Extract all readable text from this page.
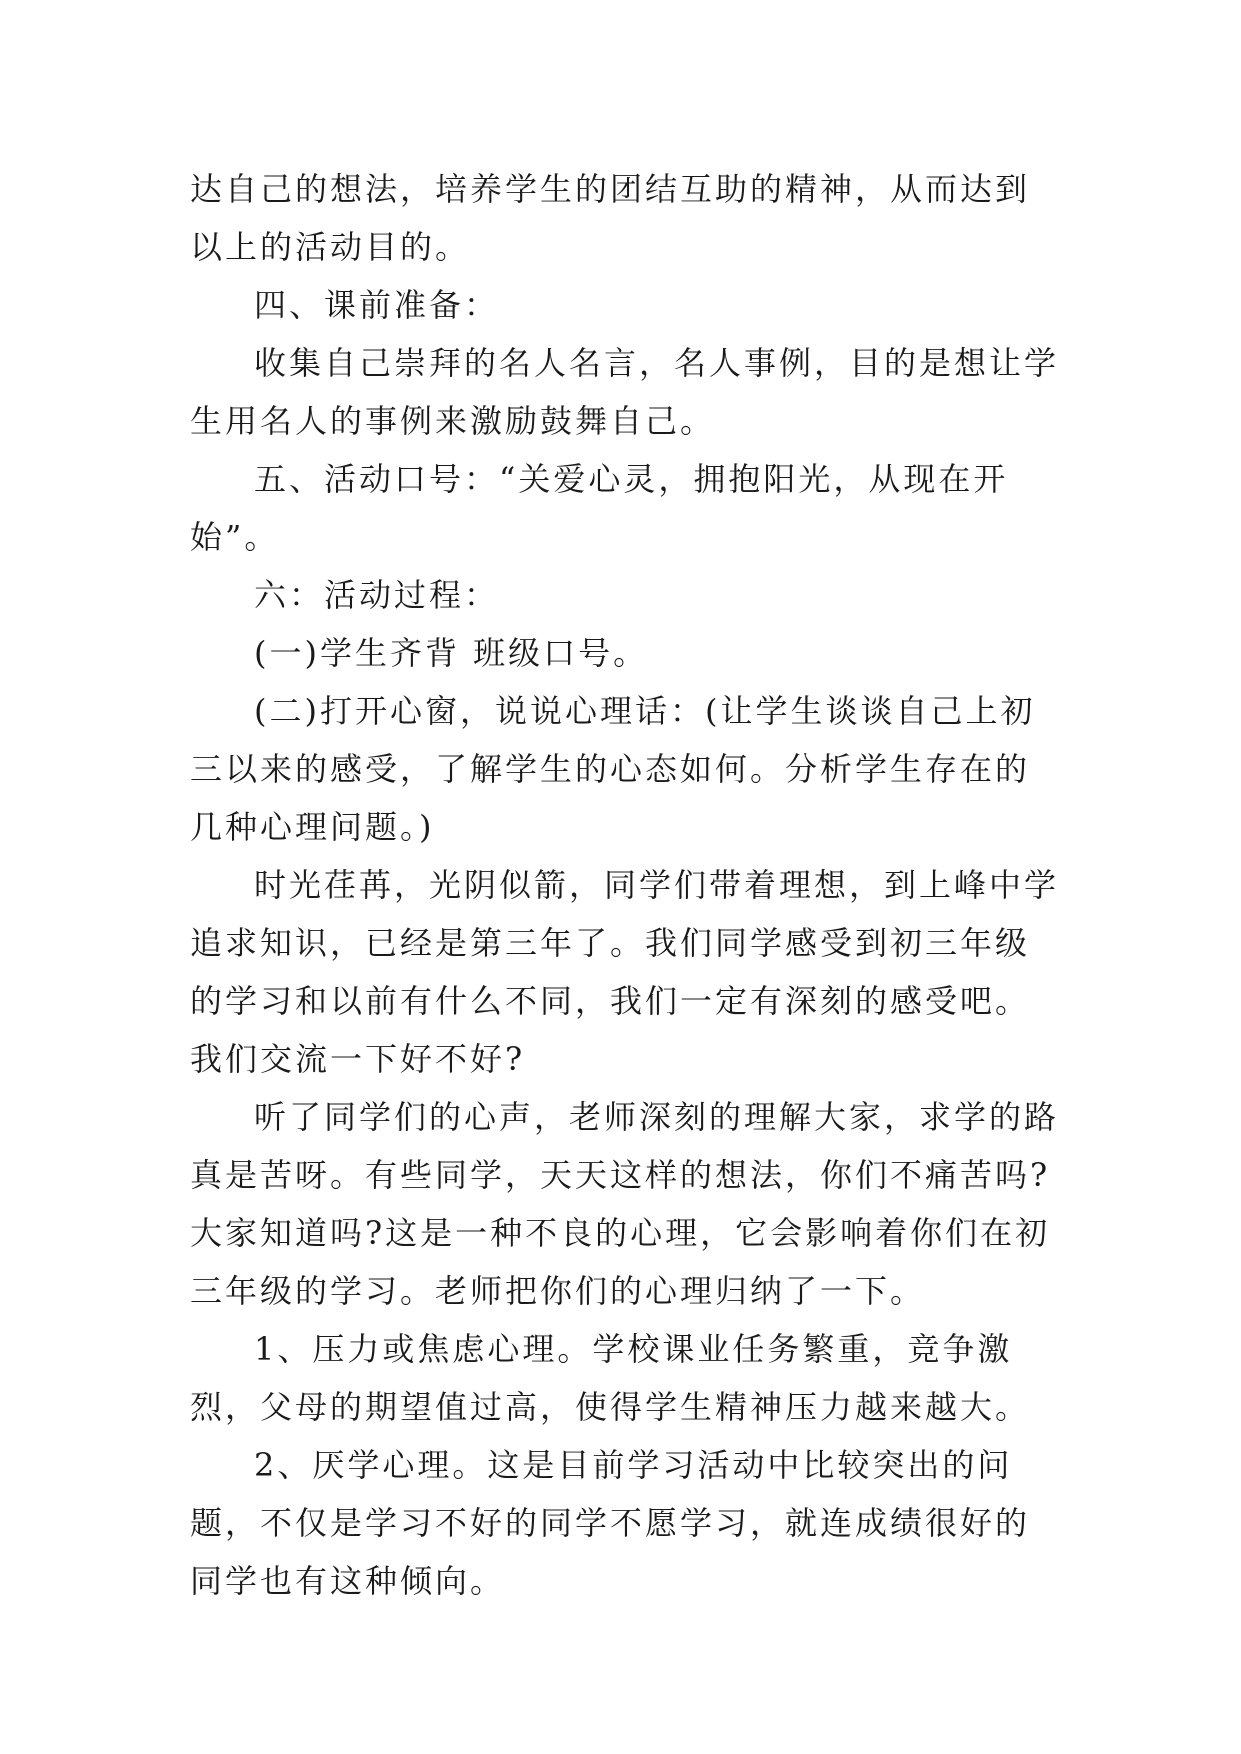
达自己的想法，培养学生的团结互助的精神，从而达到以上的活动目的。

四、课前准备：

收集自己崇拜的名人名言，名人事例，目的是想让学生用名人的事例来激励鼓舞自己。

五、活动口号：“关爱心灵，拥抱阳光，从现在开始”。

六：活动过程：

(一)学生齐背 班级口号。

(二)打开心窗，说说心理话：(让学生谈谈自己上初三以来的感受，了解学生的心态如何。分析学生存在的几种心理问题。)

时光荏苒，光阴似箭，同学们带着理想，到上峰中学追求知识，已经是第三年了。我们同学感受到初三年级的学习和以前有什么不同，我们一定有深刻的感受吧。我们交流一下好不好?

听了同学们的心声，老师深刻的理解大家，求学的路真是苦呀。有些同学，天天这样的想法，你们不痛苦吗?大家知道吗?这是一种不良的心理，它会影响着你们在初三年级的学习。老师把你们的心理归纳了一下。

1、压力或焦虑心理。学校课业任务繁重，竞争激烈，父母的期望值过高，使得学生精神压力越来越大。

2、厌学心理。这是目前学习活动中比较突出的问题，不仅是学习不好的同学不愿学习，就连成绩很好的同学也有这种倾向。
